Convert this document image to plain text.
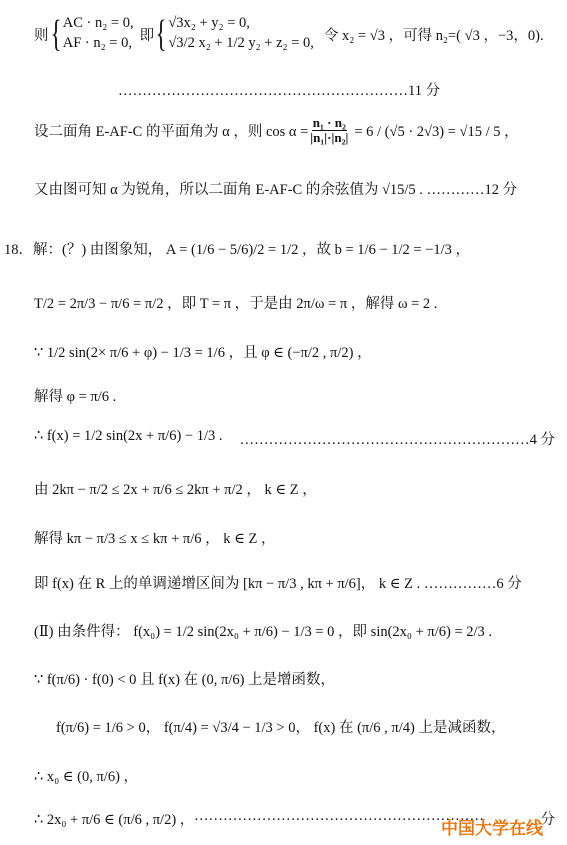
则 { AC · n₂ = 0,
AF · n₂ = 0, 即 { √3x₂ + y₂ = 0,
√3/2 x₂ + 1/2 y₂ + z₂ = 0, 令 x₂ = √3 ，可得 n₂=( √3 ，−3，0).
……………………………………………………11 分
设二面角 E-AF-C 的平面角为 α ，则 $\cos \alpha = \frac{\text{n₁ · n₂}}{\text{|n₁|·|n₂|}} = 6 / (√5 \cdot 2√3) = √15 / 5$ ，
又由图可知 α 为锐角，所以二面角 E-AF-C 的余弦值为 √15/5 . …………12 分
18．解：(？) 由图象知， A = (1/6 − 5/6)/2 = 1/2 ，故 b = 1/6 − 1/2 = −1/3 ，
T/2 = 2π/3 − π/6 = π/2 ，即 T = π ，于是由 2π/ω = π ，解得 ω = 2 .
∵ 1/2 sin(2× π/6 + φ) − 1/3 = 1/6 ，且 φ ∈ (−π/2 , π/2) ，
解得 φ = π/6 .
∴ f(x) = 1/2 sin(2x + π/6) − 1/3 . ……………………………………………………4 分
由 2kπ − π/2 ≤ 2x + π/6 ≤ 2kπ + π/2 ， k ∈ Z ，
解得 kπ − π/3 ≤ x ≤ kπ + π/6 ， k ∈ Z ，
即 f(x) 在 R 上的单调递增区间为 [kπ − π/3 , kπ + π/6]， k ∈ Z . ……………6 分
(Ⅱ) 由条件得： f(x₀) = 1/2 sin(2x₀ + π/6) − 1/3 = 0 ，即 sin(2x₀ + π/6) = 2/3 .
∵ f(π/6) · f(0) < 0 且 f(x) 在 (0, π/6) 上是增函数，
f(π/6) = 1/6 > 0， f(π/4) = √3/4 − 1/3 > 0， f(x) 在 (π/6 , π/4) 上是减函数，
∴ x₀ ∈ (0, π/6) ，
∴ 2x₀ + π/6 ∈ (π/6 , π/2) ， ……………………………………………………	分
中国大学在线
